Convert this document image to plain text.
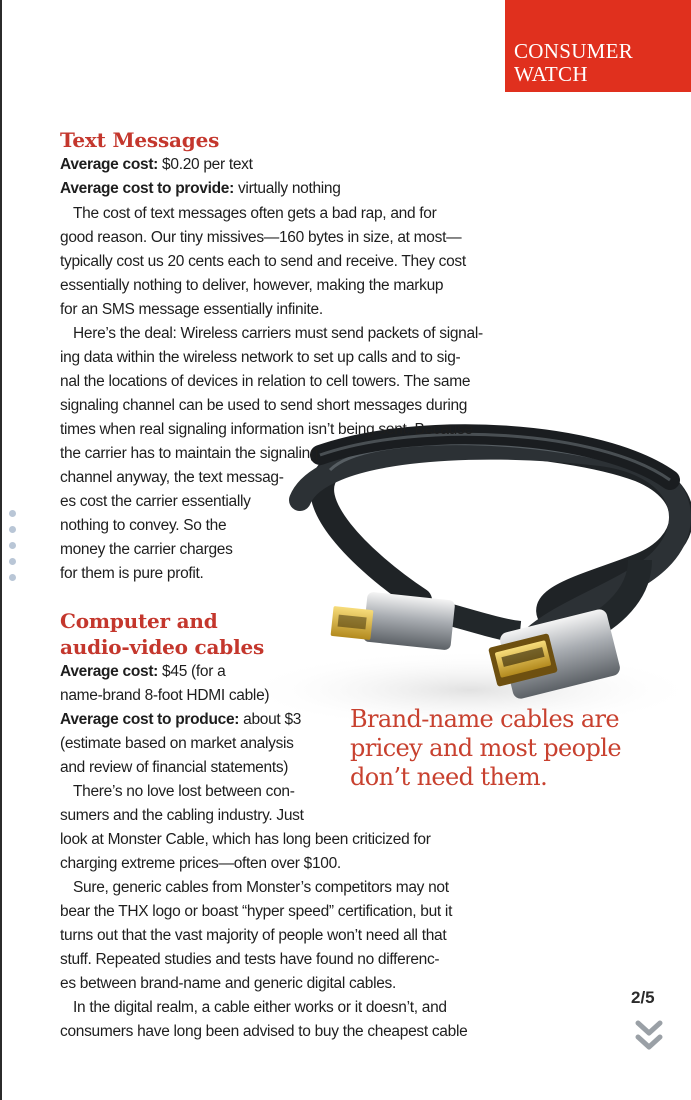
CONSUMER
WATCH
Text Messages
Average cost: $0.20 per text
Average cost to provide: virtually nothing
The cost of text messages often gets a bad rap, and for
good reason. Our tiny missives—160 bytes in size, at most—
typically cost us 20 cents each to send and receive. They cost
essentially nothing to deliver, however, making the markup
for an SMS message essentially infinite.
Here’s the deal: Wireless carriers must send packets of signal-
ing data within the wireless network to set up calls and to sig-
nal the locations of devices in relation to cell towers. The same
signaling channel can be used to send short messages during
times when real signaling information isn’t being sent. Because
the carrier has to maintain the signaling
channel anyway, the text messag-
es cost the carrier essentially
nothing to convey. So the
money the carrier charges
for them is pure profit.
Computer and
audio-video cables
Average cost: $45 (for a
name-brand 8-foot HDMI cable)
Average cost to produce: about $3
(estimate based on market analysis
and review of financial statements)
There’s no love lost between con-
sumers and the cabling industry. Just
look at Monster Cable, which has long been criticized for
charging extreme prices—often over $100.
Sure, generic cables from Monster’s competitors may not
bear the THX logo or boast “hyper speed” certification, but it
turns out that the vast majority of people won’t need all that
stuff. Repeated studies and tests have found no differenc-
es between brand-name and generic digital cables.
In the digital realm, a cable either works or it doesn’t, and
consumers have long been advised to buy the cheapest cable
Brand-name cables are
pricey and most people
don’t need them.
2/5
